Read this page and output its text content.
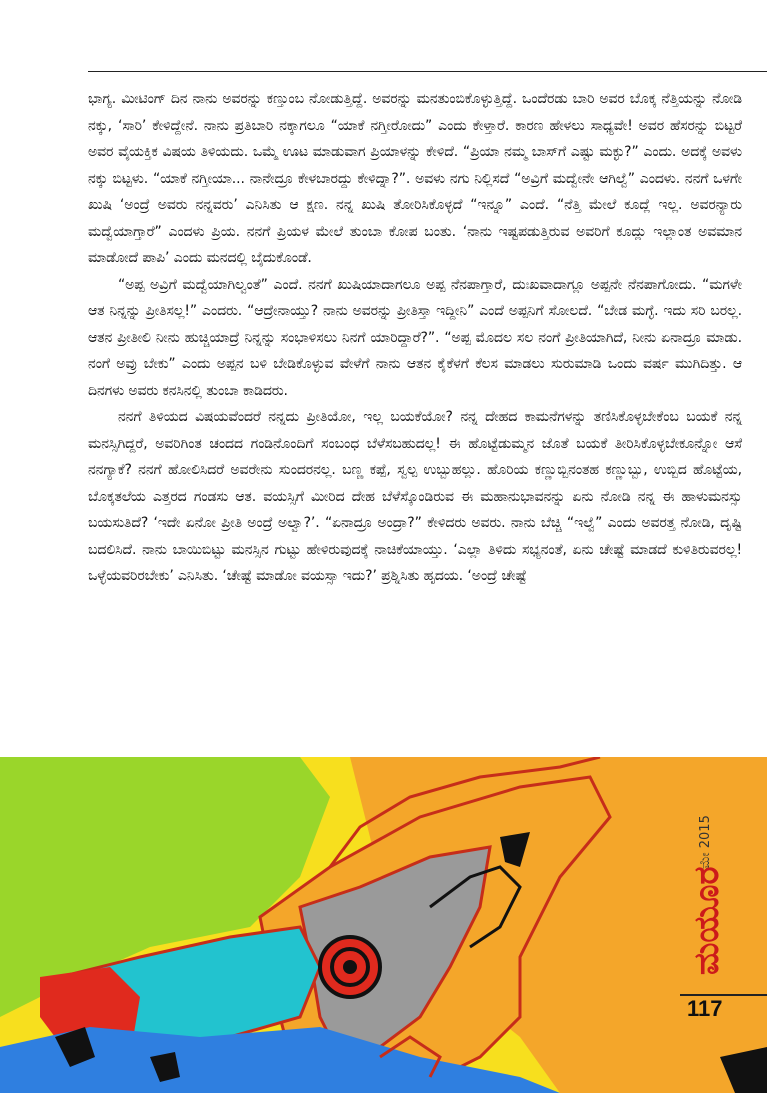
ಭಾಗ್ಯ. ಮೀಟಿಂಗ್ ದಿನ ನಾನು ಅವರನ್ನು ಕಣ್ತುಂಬ ನೋಡುತ್ತಿದ್ದೆ. ಅವರನ್ನು ಮನತುಂಬಿಕೊಳ್ಳುತ್ತಿದ್ದೆ. ಒಂದೆರಡು ಬಾರಿ ಅವರ ಬೊಕ್ಕ ನೆತ್ತಿಯನ್ನು ನೋಡಿ ನಕ್ಕು, ‘ಸಾರಿ’ ಕೇಳಿದ್ದೇನೆ. ನಾನು ಪ್ರತಿಬಾರಿ ನಕ್ಕಾಗಲೂ “ಯಾಕೆ ನಗ್ತೀರೋದು” ಎಂದು ಕೇಳ್ತಾರೆ. ಕಾರಣ ಹೇಳಲು ಸಾಧ್ಯವೇ! ಅವರ ಹೆಸರನ್ನು ಬಿಟ್ಟರೆ ಅವರ ವೈಯಕ್ತಿಕ ವಿಷಯ ತಿಳಿಯದು. ಒಮ್ಮೆ ಊಟ ಮಾಡುವಾಗ ಪ್ರಿಯಾಳನ್ನು ಕೇಳಿದೆ. “ಪ್ರಿಯಾ ನಮ್ಮ ಬಾಸ್‌ಗೆ ಎಷ್ಟು ಮಕ್ಳು?” ಎಂದು. ಅದಕ್ಕೆ ಅವಳು ನಕ್ಕು ಬಿಟ್ಟಳು. “ಯಾಕೆ ನಗ್ತೀಯಾ... ನಾನೇದ್ರೂ ಕೇಳಬಾರದ್ದು ಕೇಳಿದ್ನಾ?”. ಅವಳು ನಗು ನಿಲ್ಲಿಸದೆ “ಅವ್ರಿಗೆ ಮದ್ವೇನೇ ಆಗಿಲ್ವೆ” ಎಂದಳು. ನನಗೆ ಒಳಗೇ ಖುಷಿ ‘ಅಂದ್ರೆ ಅವರು ನನ್ನವರು’ ಎನಿಸಿತು ಆ ಕ್ಷಣ. ನನ್ನ ಖುಷಿ ತೋರಿಸಿಕೊಳ್ಳದೆ “ಇನ್ನೂ” ಎಂದೆ. “ನೆತ್ತಿ ಮೇಲೆ ಕೂದ್ಲೆ ಇಲ್ಲ. ಅವರನ್ಯಾರು ಮದ್ವೆಯಾಗ್ತಾರೆ” ಎಂದಳು ಪ್ರಿಯ. ನನಗೆ ಪ್ರಿಯಳ ಮೇಲೆ ತುಂಬಾ ಕೋಪ ಬಂತು. ‘ನಾನು ಇಷ್ಟಪಡುತ್ತಿರುವ ಅವರಿಗೆ ಕೂದ್ಲು ಇಲ್ಲಾಂತ ಅವಮಾನ ಮಾಡೋದೆ ಪಾಪಿ’ ಎಂದು ಮನದಲ್ಲಿ ಬೈದುಕೊಂಡೆ.

“ಅಪ್ಪ ಅವ್ರಿಗೆ ಮದ್ವೆಯಾಗಿಲ್ವಂತೆ” ಎಂದೆ. ನನಗೆ ಖುಷಿಯಾದಾಗಲೂ ಅಪ್ಪ ನೆನಪಾಗ್ತಾರೆ, ದುಃಖವಾದಾಗ್ಲೂ ಅಪ್ಪನೇ ನೆನಪಾಗೋದು. “ಮಗಳೇ ಆತ ನಿನ್ನನ್ನು ಪ್ರೀತಿಸಲ್ಲ!” ಎಂದರು. “ಆದ್ರೇನಾಯ್ತು? ನಾನು ಅವರನ್ನು ಪ್ರೀತಿಸ್ತಾ ಇದ್ದೀನಿ” ಎಂದೆ ಅಪ್ಪನಿಗೆ ಸೋಲದೆ. “ಬೇಡ ಮಗ್ಳೆ. ಇದು ಸರಿ ಬರಲ್ಲ. ಆತನ ಪ್ರೀತೀಲಿ ನೀನು ಹುಚ್ಚಿಯಾದ್ರೆ ನಿನ್ನನ್ನು ಸಂಭಾಳಿಸಲು ನಿನಗೆ ಯಾರಿದ್ದಾರೆ?”. “ಅಪ್ಪ ಮೊದಲ ಸಲ ನಂಗೆ ಪ್ರೀತಿಯಾಗಿದೆ, ನೀನು ಏನಾದ್ರೂ ಮಾಡು. ನಂಗೆ ಅವ್ರು ಬೇಕು” ಎಂದು ಅಪ್ಪನ ಬಳಿ ಬೇಡಿಕೊಳ್ಳುವ ವೇಳೆಗೆ ನಾನು ಆತನ ಕೈಕೆಳಗೆ ಕೆಲಸ ಮಾಡಲು ಸುರುಮಾಡಿ ಒಂದು ವರ್ಷ ಮುಗಿದಿತ್ತು. ಆ ದಿನಗಳು ಅವರು ಕನಸಿನಲ್ಲಿ ತುಂಬಾ ಕಾಡಿದರು.

ನನಗೆ ತಿಳಿಯದ ವಿಷಯವೆಂದರೆ ನನ್ನದು ಪ್ರೀತಿಯೋ, ಇಲ್ಲ ಬಯಕೆಯೋ? ನನ್ನ ದೇಹದ ಕಾಮನೆಗಳನ್ನು ತಣಿಸಿಕೊಳ್ಳಬೇಕೆಂಬ ಬಯಕೆ ನನ್ನ ಮನಸ್ಸಿಗಿದ್ದರೆ, ಅವರಿಗಿಂತ ಚಂದದ ಗಂಡಿನೊಂದಿಗೆ ಸಂಬಂಧ ಬೆಳೆಸಬಹುದಲ್ಲ! ಈ ಹೊಟ್ಟೆಡುಮ್ಮನ ಜೊತೆ ಬಯಕೆ ತೀರಿಸಿಕೊಳ್ಳಬೇಕೂನ್ನೋ ಆಸೆ ನನಗ್ಯಾಕೆ? ನನಗೆ ಹೋಲಿಸಿದರೆ ಅವರೇನು ಸುಂದರನಲ್ಲ. ಬಣ್ಣ ಕಪ್ಪೆ, ಸ್ವಲ್ಪ ಉಬ್ಬುಹಲ್ಲು. ಹೊರಿಯ ಕಣ್ಣುಬ್ಬಿನಂತಹ ಕಣ್ಣುಬ್ಬು, ಉಬ್ಬಿದ ಹೊಟ್ಟೆಯ, ಬೊಕ್ಕತಲೆಯ ಎತ್ತರದ ಗಂಡಸು ಆತ. ವಯಸ್ಸಿಗೆ ಮೀರಿದ ದೇಹ ಬೆಳೆಸ್ಕೊಂಡಿರುವ ಈ ಮಹಾನುಭಾವನನ್ನು ಏನು ನೋಡಿ ನನ್ನ ಈ ಹಾಳುಮನಸ್ಸು ಬಯಸುತಿದೆ? ‘ಇದೇ ಏನೋ ಪ್ರೀತಿ ಅಂದ್ರೆ ಅಲ್ವಾ?’. “ಏನಾದ್ರೂ ಅಂದ್ರಾ?” ಕೇಳಿದರು ಅವರು. ನಾನು ಬೆಚ್ಚಿ “ಇಲ್ವೆ” ಎಂದು ಅವರತ್ತ ನೋಡಿ, ದೃಷ್ಟಿ ಬದಲಿಸಿದೆ. ನಾನು ಬಾಯಿಬಿಟ್ಟು ಮನಸ್ಸಿನ ಗುಟ್ಟು ಹೇಳಿರುವುದಕ್ಕೆ ನಾಚಿಕೆಯಾಯ್ತು. ‘ಎಲ್ಲಾ ತಿಳಿದು ಸಭ್ಯನಂತೆ, ಏನು ಚೇಷ್ಟೆ ಮಾಡದೆ ಕುಳಿತಿರುವರಲ್ಲ! ಒಳ್ಳೆಯವರಿರಬೇಕು’ ಎನಿಸಿತು. ‘ಚೇಷ್ಟೆ ಮಾಡೋ ವಯಸ್ಸಾ ಇದು?’ ಪ್ರಶ್ನಿಸಿತು ಹೃದಯ. ‘ಅಂದ್ರೆ ಚೇಷ್ಟೆ

ಮೇ 2015
ಮಯೂರ
117
